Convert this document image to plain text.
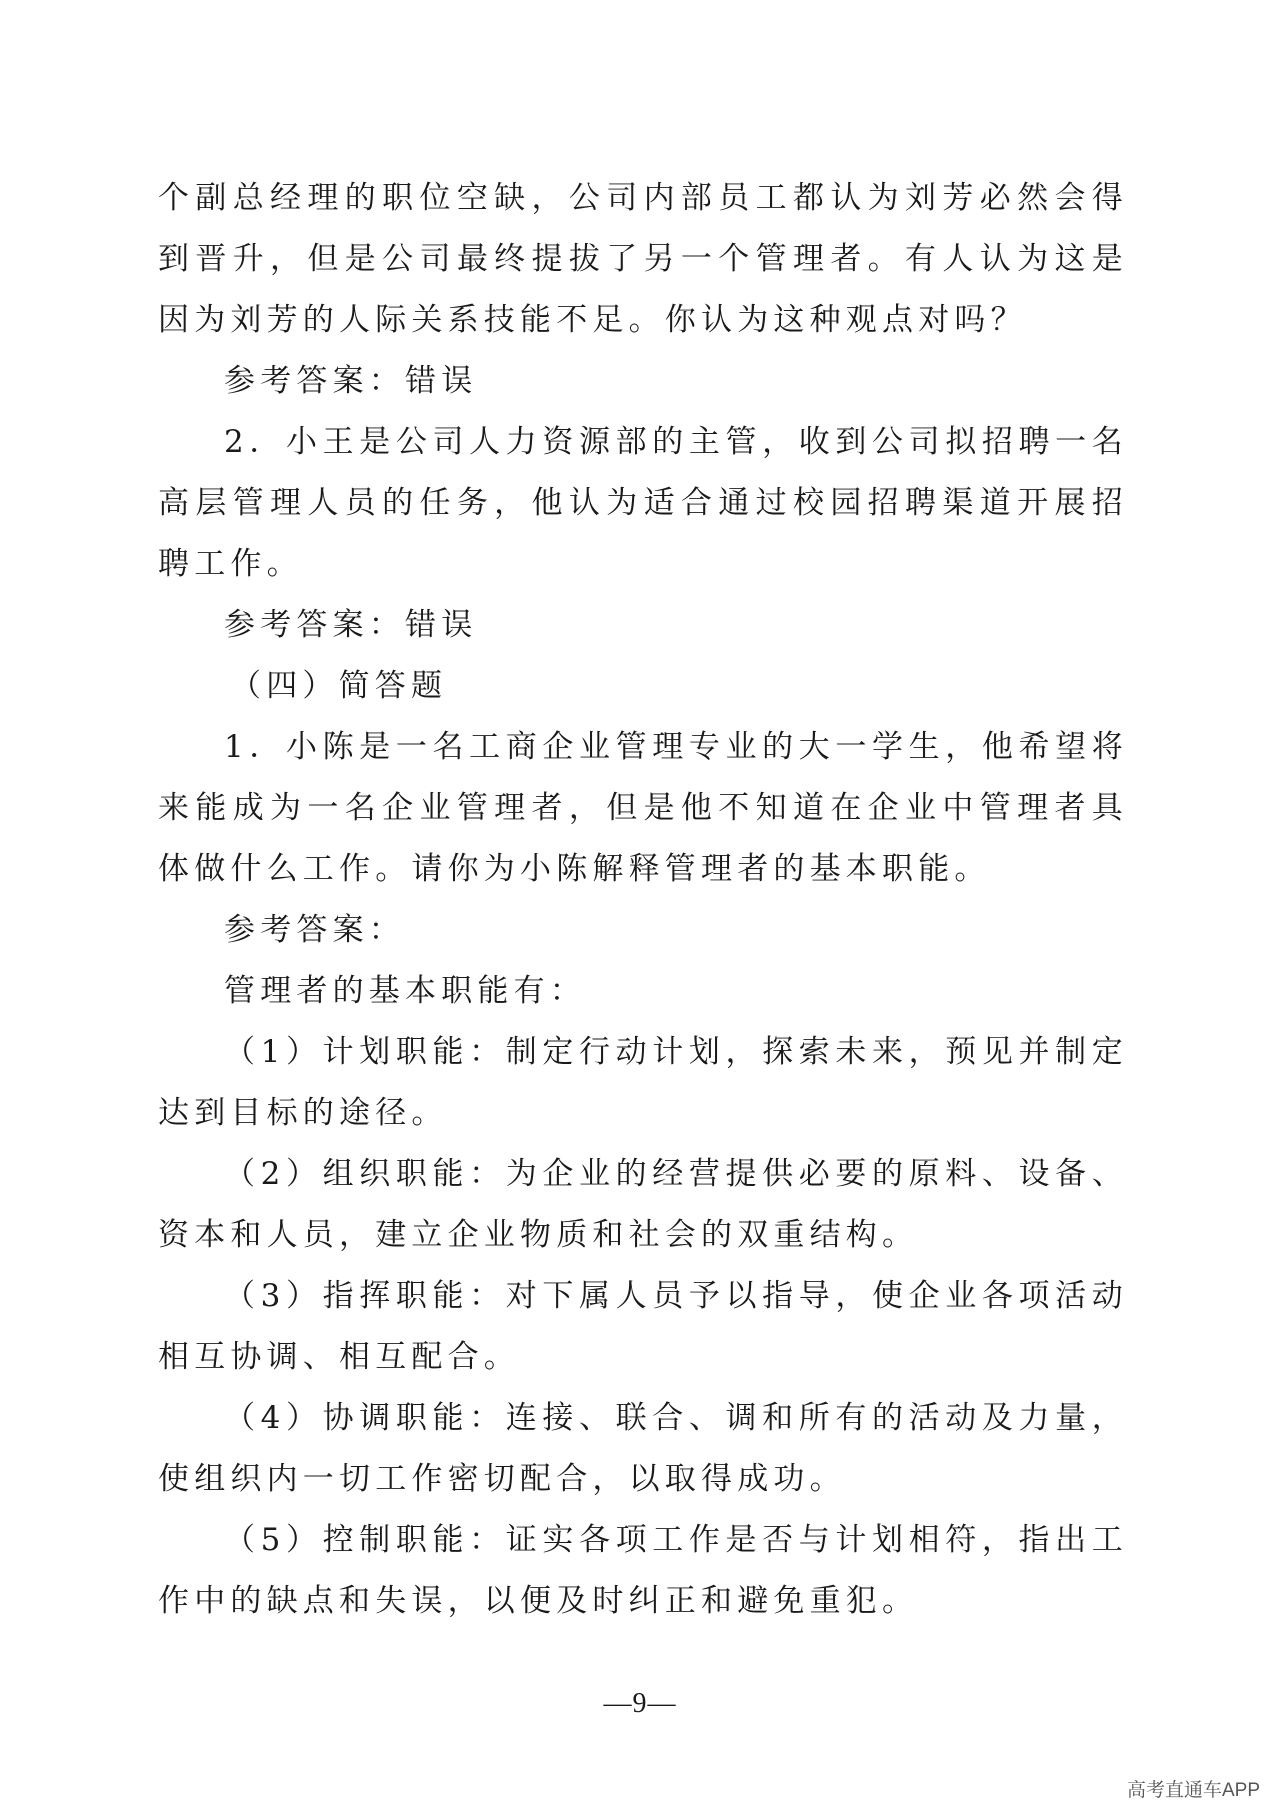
个副总经理的职位空缺，公司内部员工都认为刘芳必然会得到晋升，但是公司最终提拔了另一个管理者。有人认为这是因为刘芳的人际关系技能不足。你认为这种观点对吗？

参考答案：错误

2．小王是公司人力资源部的主管，收到公司拟招聘一名高层管理人员的任务，他认为适合通过校园招聘渠道开展招聘工作。

参考答案：错误

（四）简答题

1．小陈是一名工商企业管理专业的大一学生，他希望将来能成为一名企业管理者，但是他不知道在企业中管理者具体做什么工作。请你为小陈解释管理者的基本职能。

参考答案：

管理者的基本职能有：

（1）计划职能：制定行动计划，探索未来，预见并制定达到目标的途径。

（2）组织职能：为企业的经营提供必要的原料、设备、资本和人员，建立企业物质和社会的双重结构。

（3）指挥职能：对下属人员予以指导，使企业各项活动相互协调、相互配合。

（4）协调职能：连接、联合、调和所有的活动及力量，使组织内一切工作密切配合，以取得成功。

（5）控制职能：证实各项工作是否与计划相符，指出工作中的缺点和失误，以便及时纠正和避免重犯。

—9—
高考直通车APP
